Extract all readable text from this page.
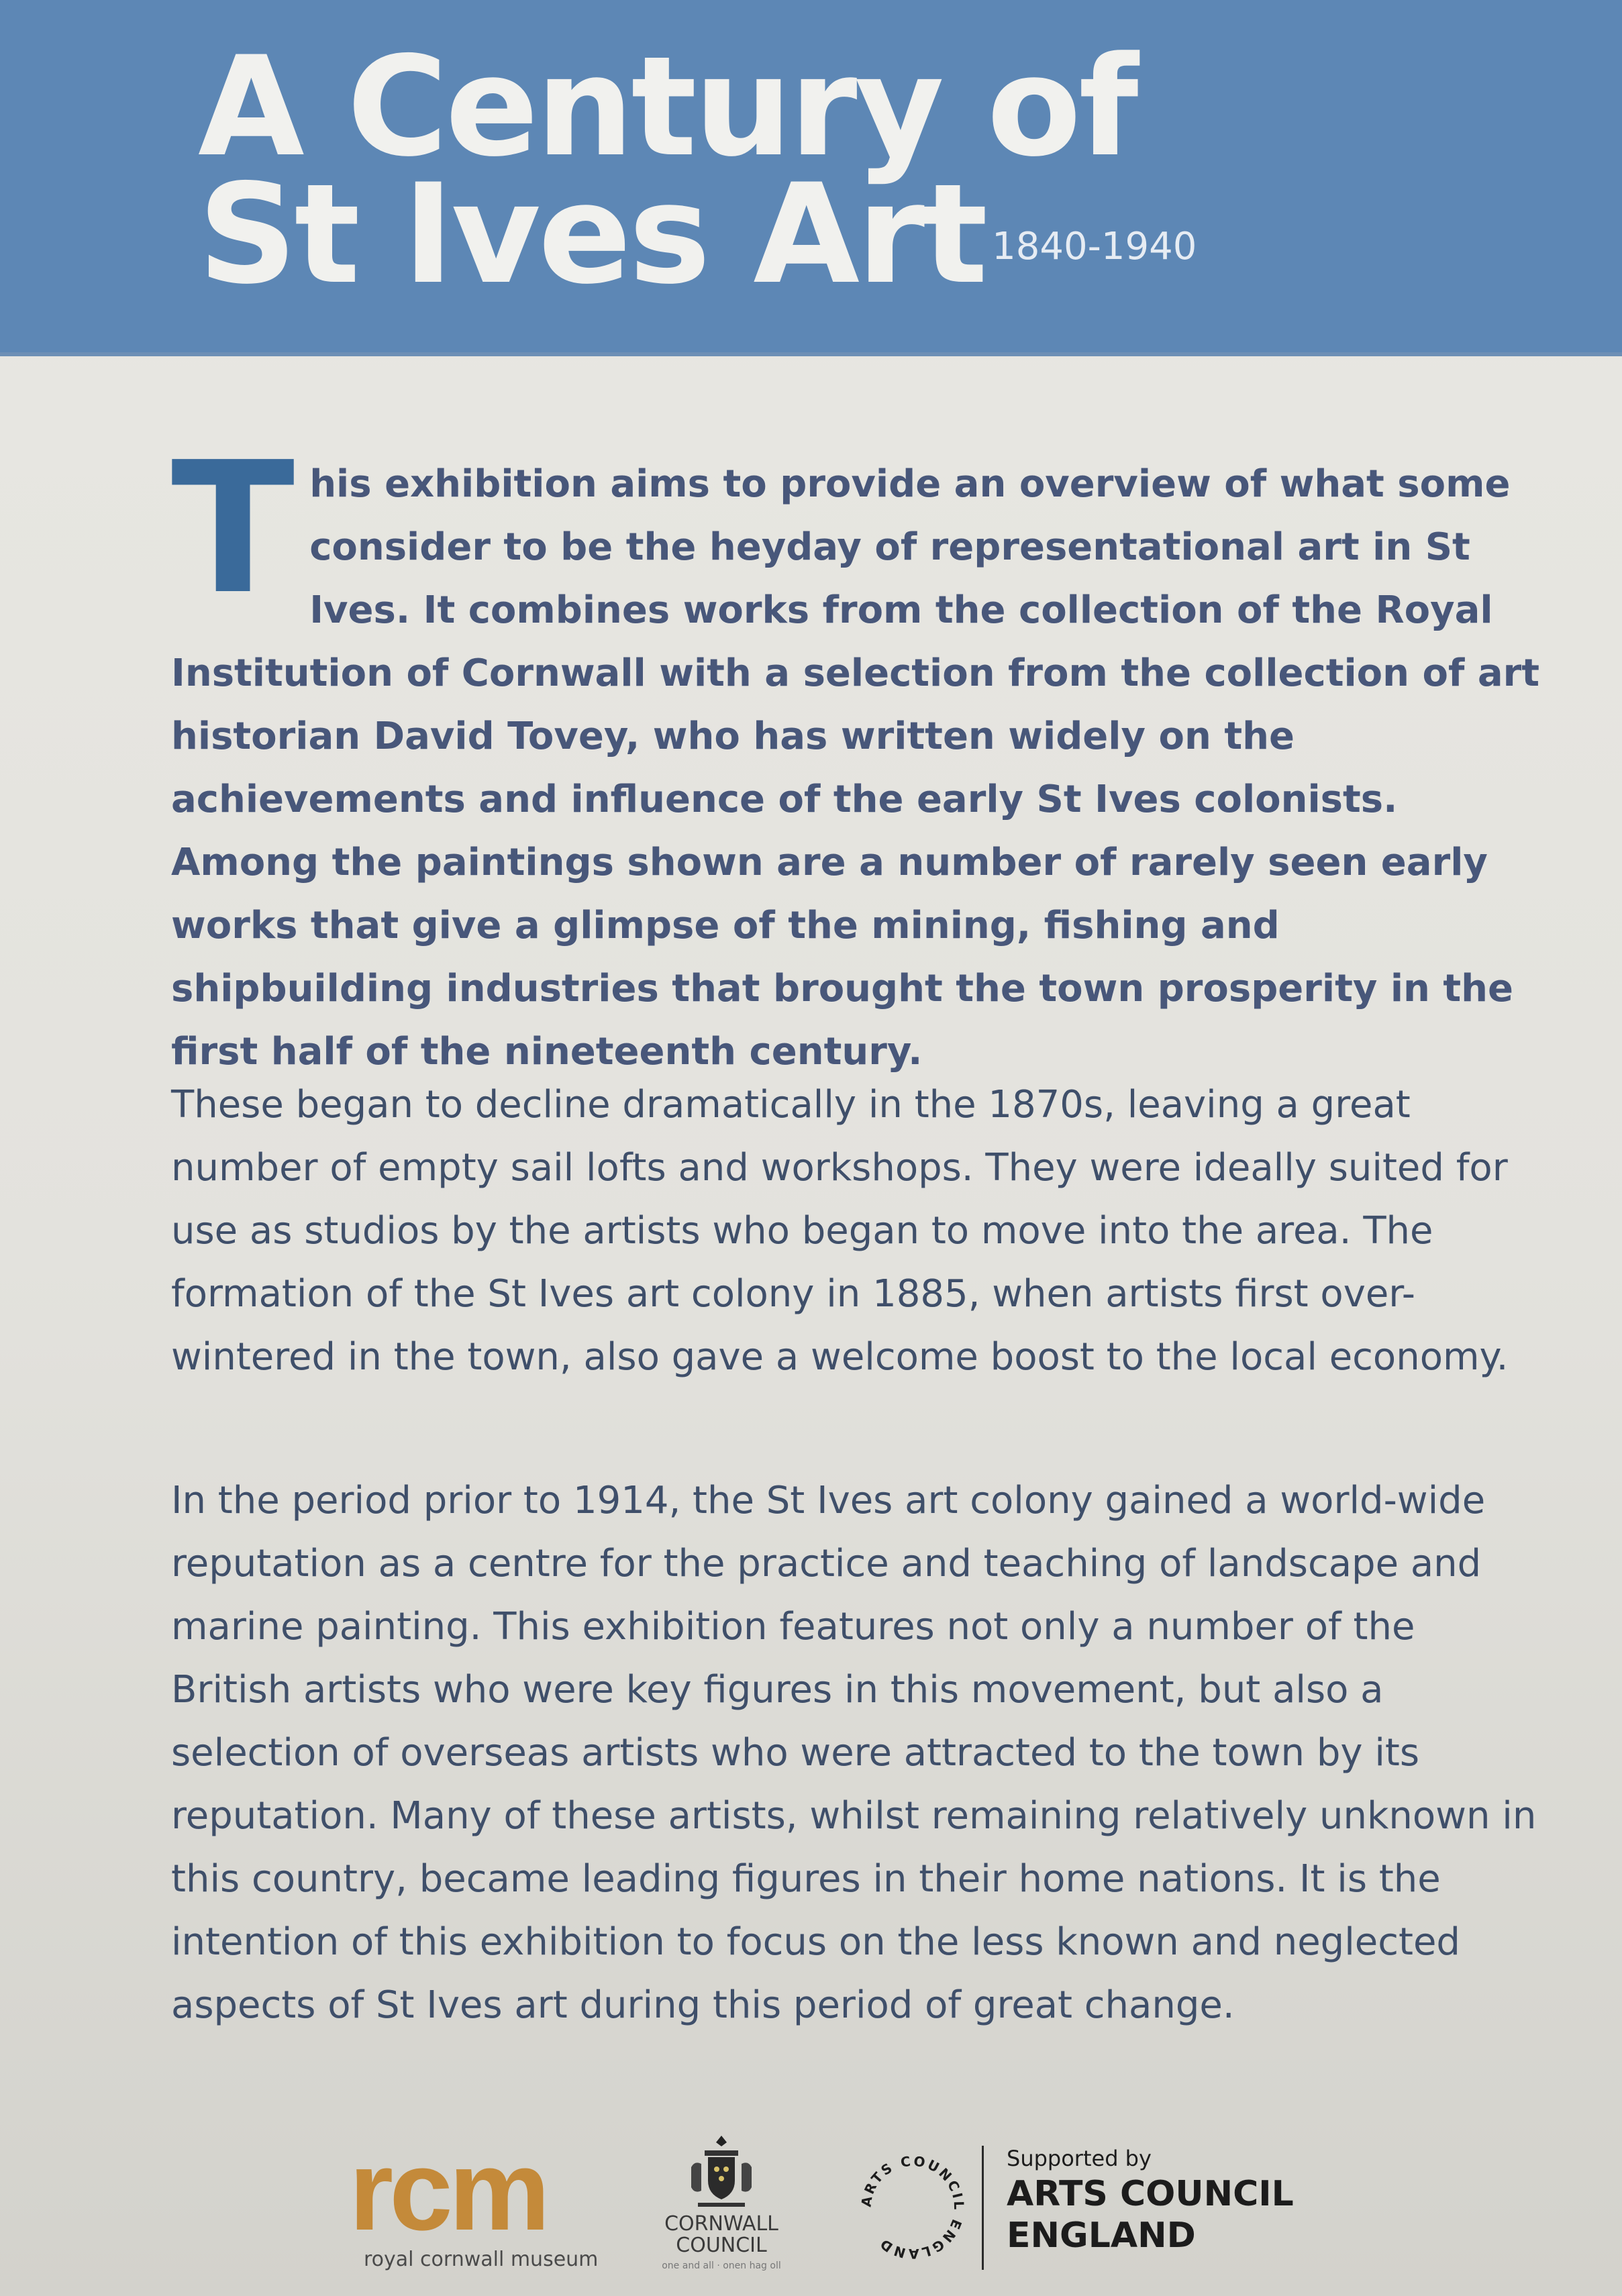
A Century of
St Ives Art $^{1840-1940}$
T his exhibition aims to provide an overview of what some consider to be the heyday of representational art in St Ives. It combines works from the collection of the Royal Institution of Cornwall with a selection from the collection of art historian David Tovey, who has written widely on the achievements and influence of the early St Ives colonists. Among the paintings shown are a number of rarely seen early works that give a glimpse of the mining, fishing and shipbuilding industries that brought the town prosperity in the first half of the nineteenth century.
These began to decline dramatically in the 1870s, leaving a great number of empty sail lofts and workshops. They were ideally suited for use as studios by the artists who began to move into the area. The formation of the St Ives art colony in 1885, when artists first over-wintered in the town, also gave a welcome boost to the local economy.
In the period prior to 1914, the St Ives art colony gained a world-wide reputation as a centre for the practice and teaching of landscape and marine painting. This exhibition features not only a number of the British artists who were key figures in this movement, but also a selection of overseas artists who were attracted to the town by its reputation. Many of these artists, whilst remaining relatively unknown in this country, became leading figures in their home nations. It is the intention of this exhibition to focus on the less known and neglected aspects of St Ives art during this period of great change.
rcm
royal cornwall museum
CORNWALL
COUNCIL
one and all · onen hag oll
ARTS COUNCIL ENGLAND
Supported by
ARTS COUNCIL
ENGLAND
